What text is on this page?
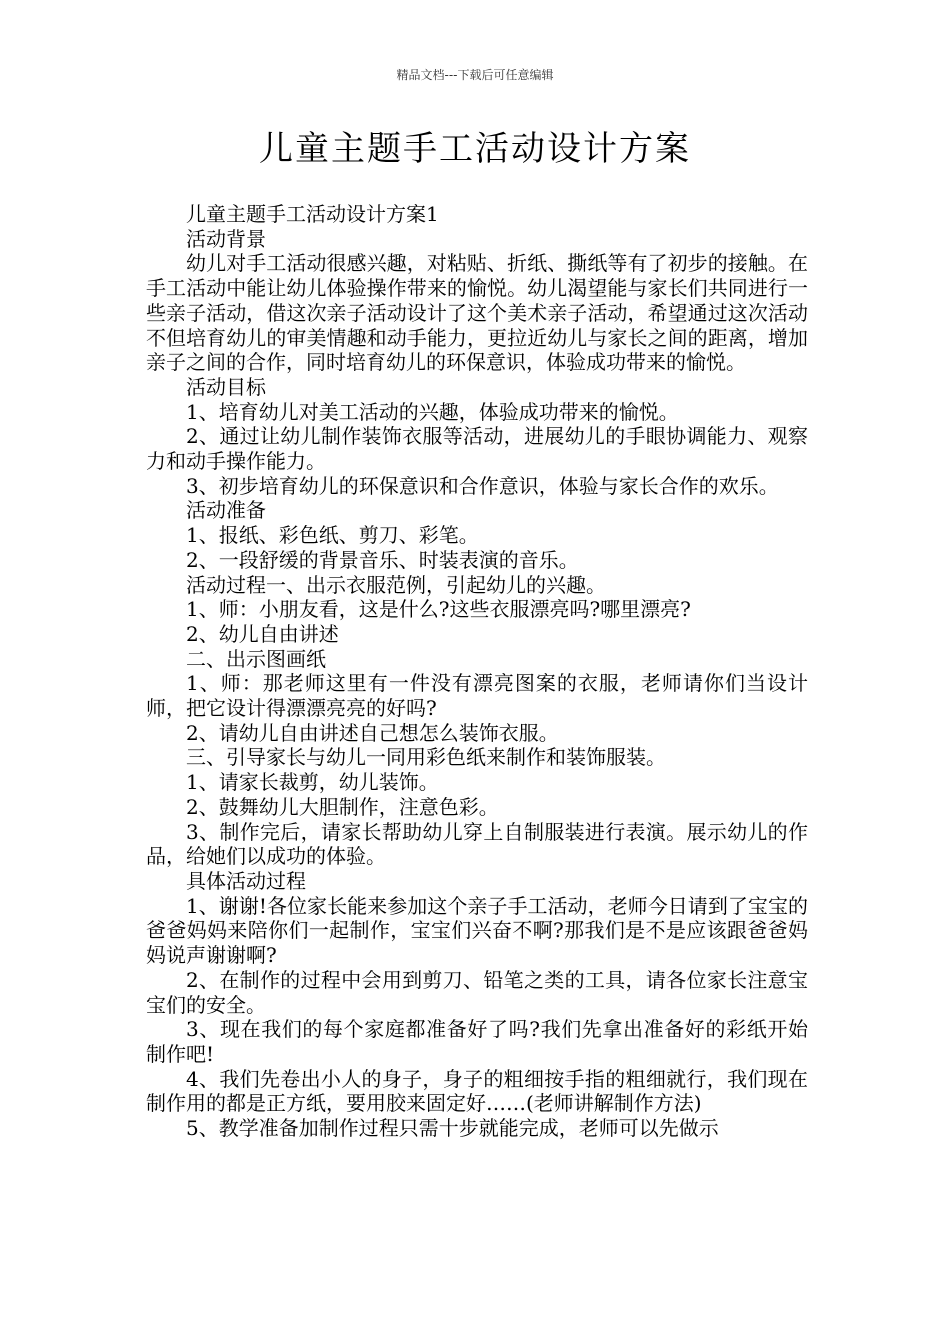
精品文档---下载后可任意编辑
儿童主题手工活动设计方案

儿童主题手工活动设计方案1

活动背景

幼儿对手工活动很感兴趣，对粘贴、折纸、撕纸等有了初步的接触。在手工活动中能让幼儿体验操作带来的愉悦。幼儿渴望能与家长们共同进行一些亲子活动，借这次亲子活动设计了这个美术亲子活动，希望通过这次活动不但培育幼儿的审美情趣和动手能力，更拉近幼儿与家长之间的距离，增加亲子之间的合作，同时培育幼儿的环保意识，体验成功带来的愉悦。

活动目标

1、培育幼儿对美工活动的兴趣，体验成功带来的愉悦。

2、通过让幼儿制作装饰衣服等活动，进展幼儿的手眼协调能力、观察力和动手操作能力。

3、初步培育幼儿的环保意识和合作意识，体验与家长合作的欢乐。

活动准备

1、报纸、彩色纸、剪刀、彩笔。

2、一段舒缓的背景音乐、时装表演的音乐。

活动过程一、出示衣服范例，引起幼儿的兴趣。

1、师：小朋友看，这是什么?这些衣服漂亮吗?哪里漂亮?

2、幼儿自由讲述

二、出示图画纸

1、师：那老师这里有一件没有漂亮图案的衣服，老师请你们当设计师，把它设计得漂漂亮亮的好吗?

2、请幼儿自由讲述自己想怎么装饰衣服。

三、引导家长与幼儿一同用彩色纸来制作和装饰服装。

1、请家长裁剪，幼儿装饰。

2、鼓舞幼儿大胆制作，注意色彩。

3、制作完后，请家长帮助幼儿穿上自制服装进行表演。展示幼儿的作品，给她们以成功的体验。

具体活动过程

1、谢谢!各位家长能来参加这个亲子手工活动，老师今日请到了宝宝的爸爸妈妈来陪你们一起制作，宝宝们兴奋不啊?那我们是不是应该跟爸爸妈妈说声谢谢啊?

2、在制作的过程中会用到剪刀、铅笔之类的工具，请各位家长注意宝宝们的安全。

3、现在我们的每个家庭都准备好了吗?我们先拿出准备好的彩纸开始制作吧!

4、我们先卷出小人的身子，身子的粗细按手指的粗细就行，我们现在制作用的都是正方纸，要用胶来固定好……(老师讲解制作方法)

5、教学准备加制作过程只需十步就能完成，老师可以先做示
